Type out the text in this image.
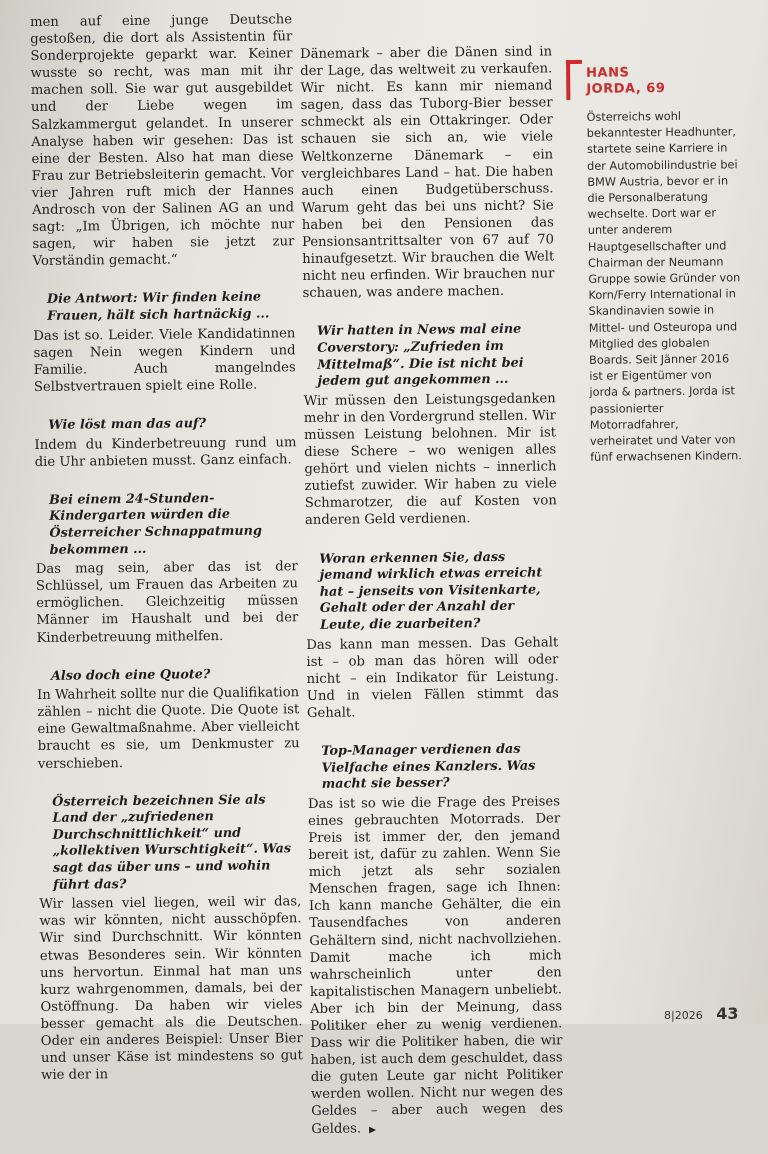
men auf eine junge Deutsche gestoßen, die dort als Assistentin für Sonderprojekte geparkt war. Keiner wusste so recht, was man mit ihr machen soll. Sie war gut ausgebildet und der Liebe wegen im Salzkammergut gelandet. In unserer Analyse haben wir gesehen: Das ist eine der Besten. Also hat man diese Frau zur Betriebsleiterin gemacht. Vor vier Jahren ruft mich der Hannes Androsch von der Salinen AG an und sagt: „Im Übrigen, ich möchte nur sagen, wir haben sie jetzt zur Vorständin gemacht.“

Die Antwort: Wir finden keine Frauen, hält sich hartnäckig ...

Das ist so. Leider. Viele Kandidatinnen sagen Nein wegen Kindern und Familie. Auch mangelndes Selbstvertrauen spielt eine Rolle.

Wie löst man das auf?

Indem du Kinderbetreuung rund um die Uhr anbieten musst. Ganz einfach.

Bei einem 24-Stunden-Kindergarten würden die Österreicher Schnappatmung bekommen ...

Das mag sein, aber das ist der Schlüssel, um Frauen das Arbeiten zu ermöglichen. Gleichzeitig müssen Männer im Haushalt und bei der Kinderbetreuung mithelfen.

Also doch eine Quote?

In Wahrheit sollte nur die Qualifikation zählen – nicht die Quote. Die Quote ist eine Gewaltmaßnahme. Aber vielleicht braucht es sie, um Denkmuster zu verschieben.

Österreich bezeichnen Sie als Land der „zufriedenen Durchschnittlichkeit“ und „kollektiven Wurschtigkeit“. Was sagt das über uns – und wohin führt das?

Wir lassen viel liegen, weil wir das, was wir könnten, nicht ausschöpfen. Wir sind Durchschnitt. Wir könnten etwas Besonderes sein. Wir könnten uns hervortun. Einmal hat man uns kurz wahrgenommen, damals, bei der Ostöffnung. Da haben wir vieles besser gemacht als die Deutschen. Oder ein anderes Beispiel: Unser Bier und unser Käse ist mindestens so gut wie der in

Dänemark – aber die Dänen sind in der Lage, das weltweit zu verkaufen. Wir nicht. Es kann mir niemand sagen, dass das Tuborg-Bier besser schmeckt als ein Ottakringer. Oder schauen sie sich an, wie viele Weltkonzerne Dänemark – ein vergleichbares Land – hat. Die haben auch einen Budgetüberschuss. Warum geht das bei uns nicht? Sie haben bei den Pensionen das Pensionsantrittsalter von 67 auf 70 hinaufgesetzt. Wir brauchen die Welt nicht neu erfinden. Wir brauchen nur schauen, was andere machen.

Wir hatten in News mal eine Coverstory: „Zufrieden im Mittelmaß“. Die ist nicht bei jedem gut angekommen ...

Wir müssen den Leistungsgedanken mehr in den Vordergrund stellen. Wir müssen Leistung belohnen. Mir ist diese Schere – wo wenigen alles gehört und vielen nichts – innerlich zutiefst zuwider. Wir haben zu viele Schmarotzer, die auf Kosten von anderen Geld verdienen.

Woran erkennen Sie, dass jemand wirklich etwas erreicht hat – jenseits von Visitenkarte, Gehalt oder der Anzahl der Leute, die zuarbeiten?

Das kann man messen. Das Gehalt ist – ob man das hören will oder nicht – ein Indikator für Leistung. Und in vielen Fällen stimmt das Gehalt.

Top-Manager verdienen das Vielfache eines Kanzlers. Was macht sie besser?

Das ist so wie die Frage des Preises eines gebrauchten Motorrads. Der Preis ist immer der, den jemand bereit ist, dafür zu zahlen. Wenn Sie mich jetzt als sehr sozialen Menschen fragen, sage ich Ihnen: Ich kann manche Gehälter, die ein Tausendfaches von anderen Gehältern sind, nicht nachvollziehen. Damit mache ich mich wahrscheinlich unter den kapitalistischen Managern unbeliebt. Aber ich bin der Meinung, dass Politiker eher zu wenig verdienen. Dass wir die Politiker haben, die wir haben, ist auch dem geschuldet, dass die guten Leute gar nicht Politiker werden wollen. Nicht nur wegen des Geldes – aber auch wegen des Geldes. ▶

HANS
JORDA, 69
Österreichs wohl bekanntester Headhunter, startete seine Karriere in der Automobilindustrie bei BMW Austria, bevor er in die Personalberatung wechselte. Dort war er unter anderem Hauptgesellschafter und Chairman der Neumann Gruppe sowie Gründer von Korn/Ferry International in Skandinavien sowie in Mittel- und Osteuropa und Mitglied des globalen Boards. Seit Jänner 2016 ist er Eigentümer von jorda & partners. Jorda ist passionierter Motorradfahrer, verheiratet und Vater von fünf erwachsenen Kindern.
8|2026 43
